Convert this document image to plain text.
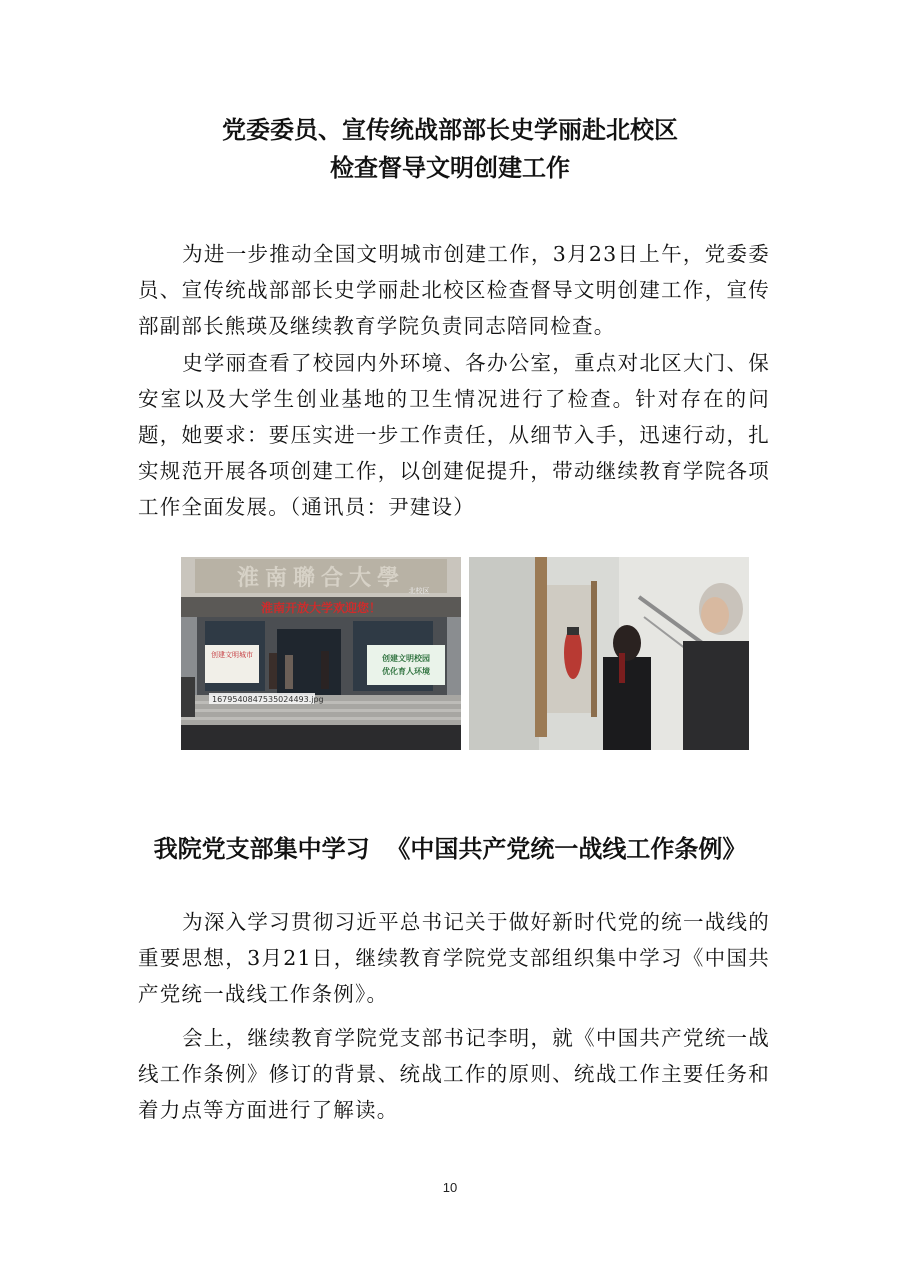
党委委员、宣传统战部部长史学丽赴北校区
检查督导文明创建工作

为进一步推动全国文明城市创建工作，3月23日上午，党委委员、宣传统战部部长史学丽赴北校区检查督导文明创建工作，宣传部副部长熊瑛及继续教育学院负责同志陪同检查。

史学丽查看了校园内外环境、各办公室，重点对北区大门、保安室以及大学生创业基地的卫生情况进行了检查。针对存在的问题，她要求：要压实进一步工作责任，从细节入手，迅速行动，扎实规范开展各项创建工作，以创建促提升，带动继续教育学院各项工作全面发展。（通讯员：尹建设）

淮南聯合大學 北校区
淮南开放大学欢迎您！
创建文明城市	创建文明校园
优化育人环境
1679540847535024493.jpg
我院党支部集中学习  《中国共产党统一战线工作条例》

为深入学习贯彻习近平总书记关于做好新时代党的统一战线的重要思想，3月21日，继续教育学院党支部组织集中学习《中国共产党统一战线工作条例》。

会上，继续教育学院党支部书记李明，就《中国共产党统一战线工作条例》修订的背景、统战工作的原则、统战工作主要任务和着力点等方面进行了解读。

10
